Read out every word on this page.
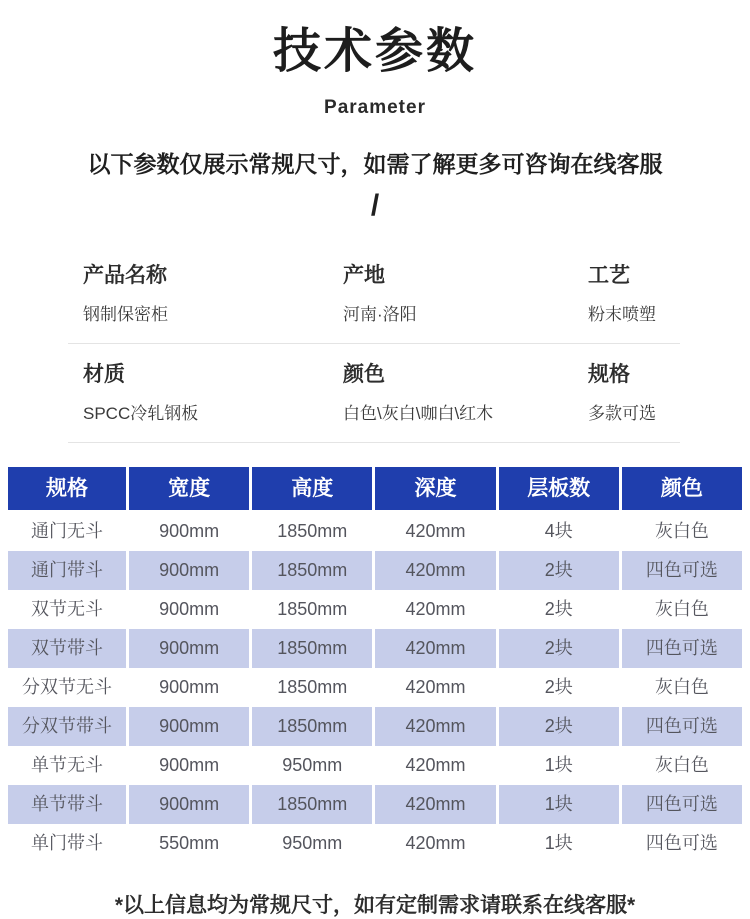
技术参数
Parameter
以下参数仅展示常规尺寸，如需了解更多可咨询在线客服
/
产品名称
钢制保密柜
产地
河南·洛阳
工艺
粉末喷塑
材质
SPCC冷轧钢板
颜色
白色\灰白\咖白\红木
规格
多款可选
规格	宽度	高度	深度	层板数	颜色
通门无斗	900mm	1850mm	420mm	4块	灰白色
通门带斗	900mm	1850mm	420mm	2块	四色可选
双节无斗	900mm	1850mm	420mm	2块	灰白色
双节带斗	900mm	1850mm	420mm	2块	四色可选
分双节无斗	900mm	1850mm	420mm	2块	灰白色
分双节带斗	900mm	1850mm	420mm	2块	四色可选
单节无斗	900mm	950mm	420mm	1块	灰白色
单节带斗	900mm	1850mm	420mm	1块	四色可选
单门带斗	550mm	950mm	420mm	1块	四色可选
*以上信息均为常规尺寸，如有定制需求请联系在线客服*
